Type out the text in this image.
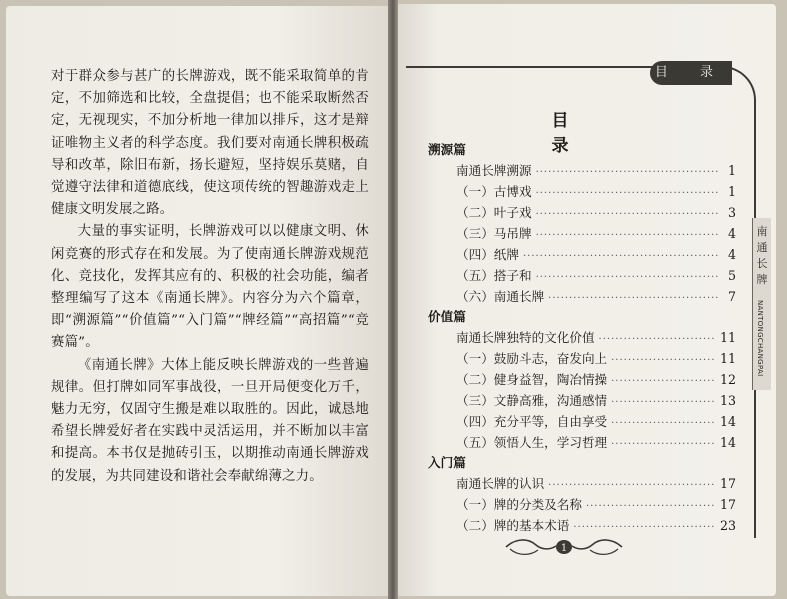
对于群众参与甚广的长牌游戏，既不能采取简单的肯定，不加筛选和比较，全盘提倡；也不能采取断然否定，无视现实，不加分析地一律加以排斥，这才是辩证唯物主义者的科学态度。我们要对南通长牌积极疏导和改革，除旧布新，扬长避短，坚持娱乐莫赌，自觉遵守法律和道德底线，使这项传统的智趣游戏走上健康文明发展之路。

大量的事实证明，长牌游戏可以以健康文明、休闲竞赛的形式存在和发展。为了使南通长牌游戏规范化、竞技化，发挥其应有的、积极的社会功能，编者整理编写了这本《南通长牌》。内容分为六个篇章，即“溯源篇”“价值篇”“入门篇”“牌经篇”“高招篇”“竞赛篇”。

《南通长牌》大体上能反映长牌游戏的一些普遍规律。但打牌如同军事战役，一旦开局便变化万千，魅力无穷，仅固守生搬是难以取胜的。因此，诚恳地希望长牌爱好者在实践中灵活运用，并不断加以丰富和提高。本书仅是抛砖引玉，以期推动南通长牌游戏的发展，为共同建设和谐社会奉献绵薄之力。

目 录
南通长牌
NANTONGCHANGPAI
目 录
溯源篇
南通长牌溯源 ·····	1
（一）古博戏 ·····	1
（二）叶子戏 ·····	3
（三）马吊牌 ·····	4
（四）纸牌 ·····	4
（五）搭子和 ·····	5
（六）南通长牌 ·····	7
价值篇
南通长牌独特的文化价值 ·····	11
（一）鼓励斗志，奋发向上 ·····	11
（二）健身益智，陶冶情操 ·····	12
（三）文静高雅，沟通感情 ·····	13
（四）充分平等，自由享受 ·····	14
（五）领悟人生，学习哲理 ·····	14
入门篇
南通长牌的认识 ·····	17
（一）牌的分类及名称 ·····	17
（二）牌的基本术语 ·····	23
1
